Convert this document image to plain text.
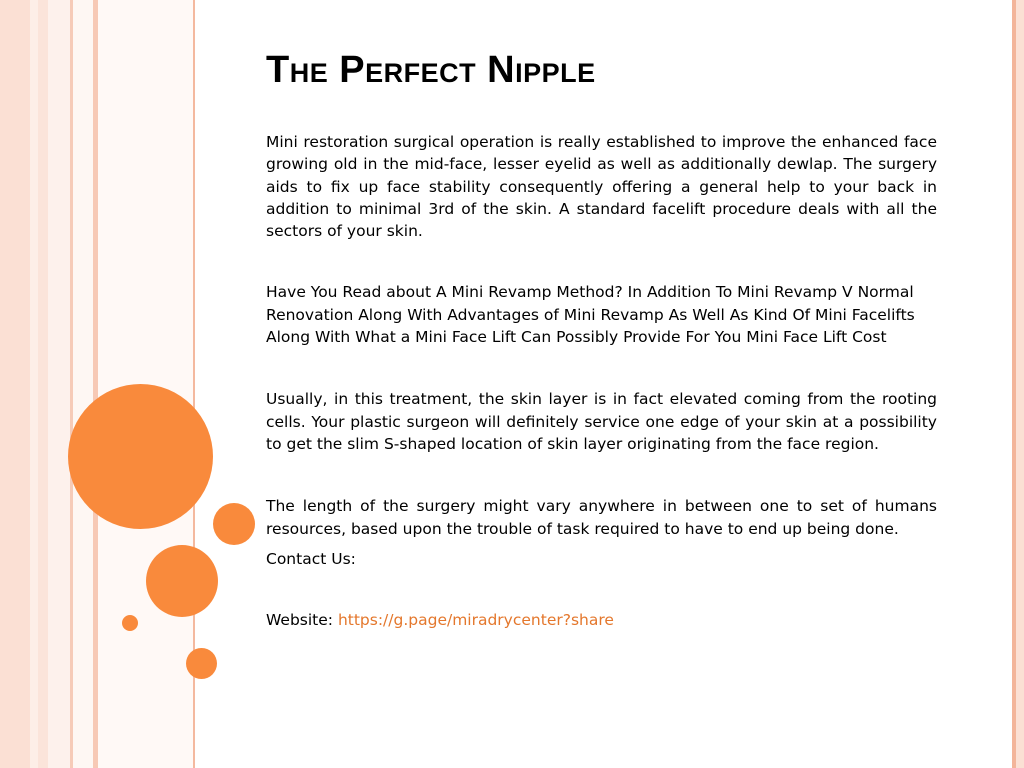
The Perfect Nipple

Mini restoration surgical operation is really established to improve the enhanced face growing old in the mid-face, lesser eyelid as well as additionally dewlap. The surgery aids to fix up face stability consequently offering a general help to your back in addition to minimal 3rd of the skin. A standard facelift procedure deals with all the sectors of your skin.

Have You Read about A Mini Revamp Method? In Addition To Mini Revamp V Normal Renovation Along With Advantages of Mini Revamp As Well As Kind Of Mini Facelifts Along With What a Mini Face Lift Can Possibly Provide For You Mini Face Lift Cost

Usually, in this treatment, the skin layer is in fact elevated coming from the rooting cells. Your plastic surgeon will definitely service one edge of your skin at a possibility to get the slim S-shaped location of skin layer originating from the face region.

The length of the surgery might vary anywhere in between one to set of humans resources, based upon the trouble of task required to have to end up being done.

Contact Us:

Website: https://g.page/miradrycenter?share
